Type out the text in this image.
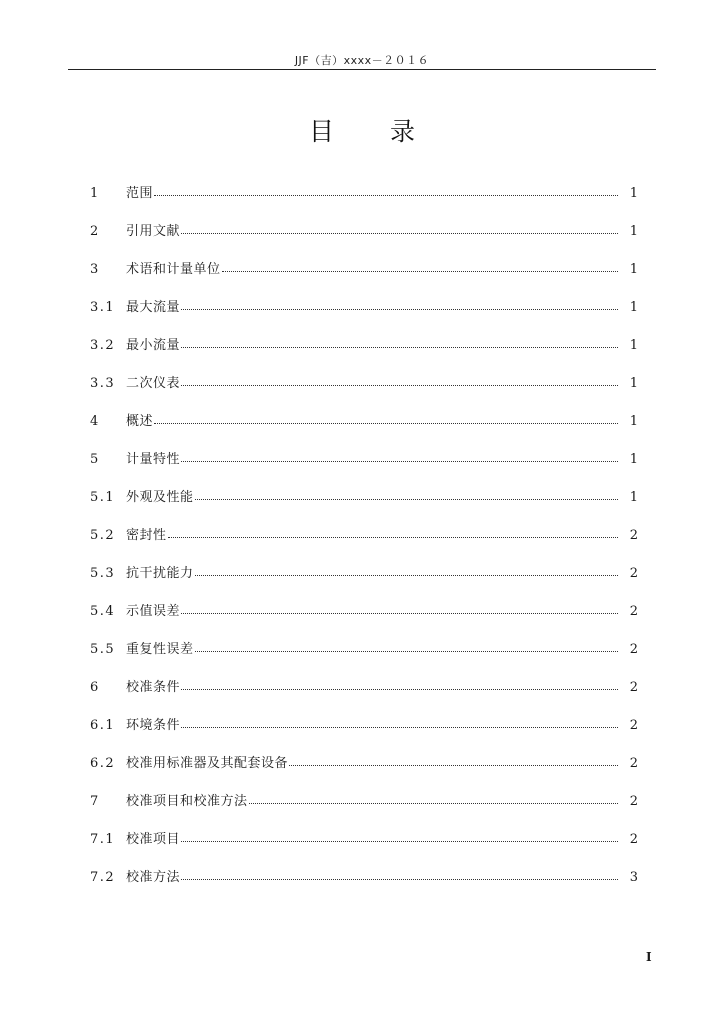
JJF（吉）xxxx－２０１６
目录
1	范围	1
2	引用文献	1
3	术语和计量单位	1
3.1 最大流量	1
3.2 最小流量	1
3.3 二次仪表	1
4	概述	1
5	计量特性	1
5.1 外观及性能	1
5.2 密封性	2
5.3 抗干扰能力	2
5.4 示值误差	2
5.5 重复性误差	2
6	校准条件	2
6.1 环境条件	2
6.2 校准用标准器及其配套设备	2
7	校准项目和校准方法	2
7.1 校准项目	2
7.2 校准方法	3
I
